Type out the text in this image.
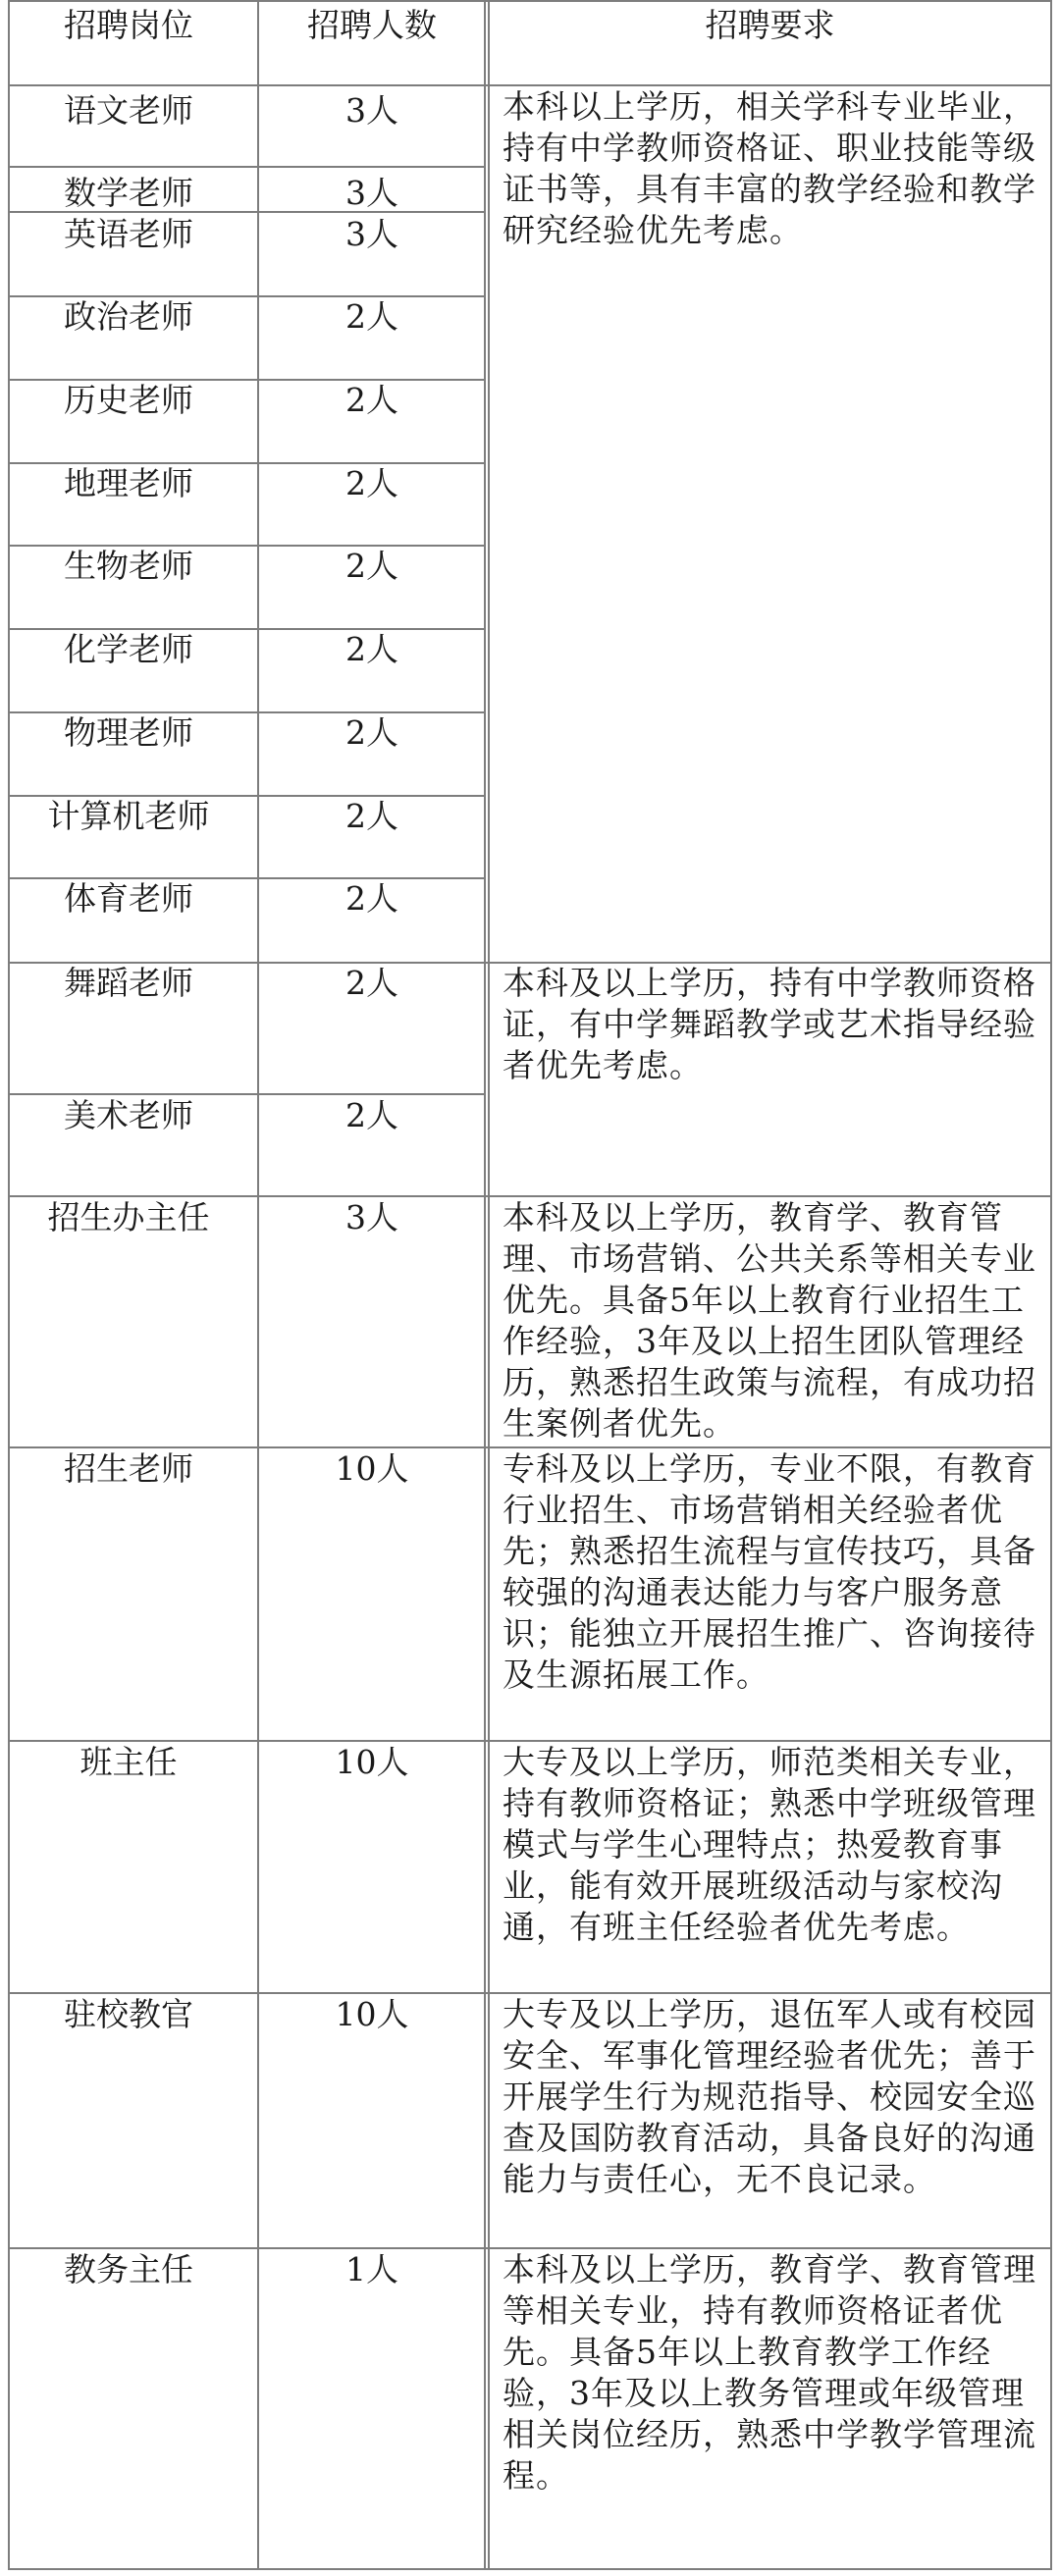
招聘岗位	招聘人数	招聘要求
语文老师
数学老师
英语老师
政治老师
历史老师
地理老师
生物老师
化学老师
物理老师
计算机老师
体育老师
舞蹈老师
美术老师
招生办主任
招生老师
班主任
驻校教官
教务主任
3人
3人
3人
2人
2人
2人
2人
2人
2人
2人
2人
2人
2人
3人
10人
10人
10人
1人
本科以上学历，相关学科专业毕业，持有中学教师资格证、职业技能等级证书等，具有丰富的教学经验和教学研究经验优先考虑。
本科及以上学历，持有中学教师资格证，有中学舞蹈教学或艺术指导经验者优先考虑。
本科及以上学历，教育学、教育管理、市场营销、公共关系等相关专业优先。具备5年以上教育行业招生工作经验，3年及以上招生团队管理经历，熟悉招生政策与流程，有成功招生案例者优先。
专科及以上学历，专业不限，有教育行业招生、市场营销相关经验者优先；熟悉招生流程与宣传技巧，具备较强的沟通表达能力与客户服务意识；能独立开展招生推广、咨询接待及生源拓展工作。
大专及以上学历，师范类相关专业，持有教师资格证；熟悉中学班级管理模式与学生心理特点；热爱教育事业，能有效开展班级活动与家校沟通，有班主任经验者优先考虑。
大专及以上学历，退伍军人或有校园安全、军事化管理经验者优先；善于开展学生行为规范指导、校园安全巡查及国防教育活动，具备良好的沟通能力与责任心，无不良记录。
本科及以上学历，教育学、教育管理等相关专业，持有教师资格证者优先。具备5年以上教育教学工作经验，3年及以上教务管理或年级管理相关岗位经历，熟悉中学教学管理流程。
